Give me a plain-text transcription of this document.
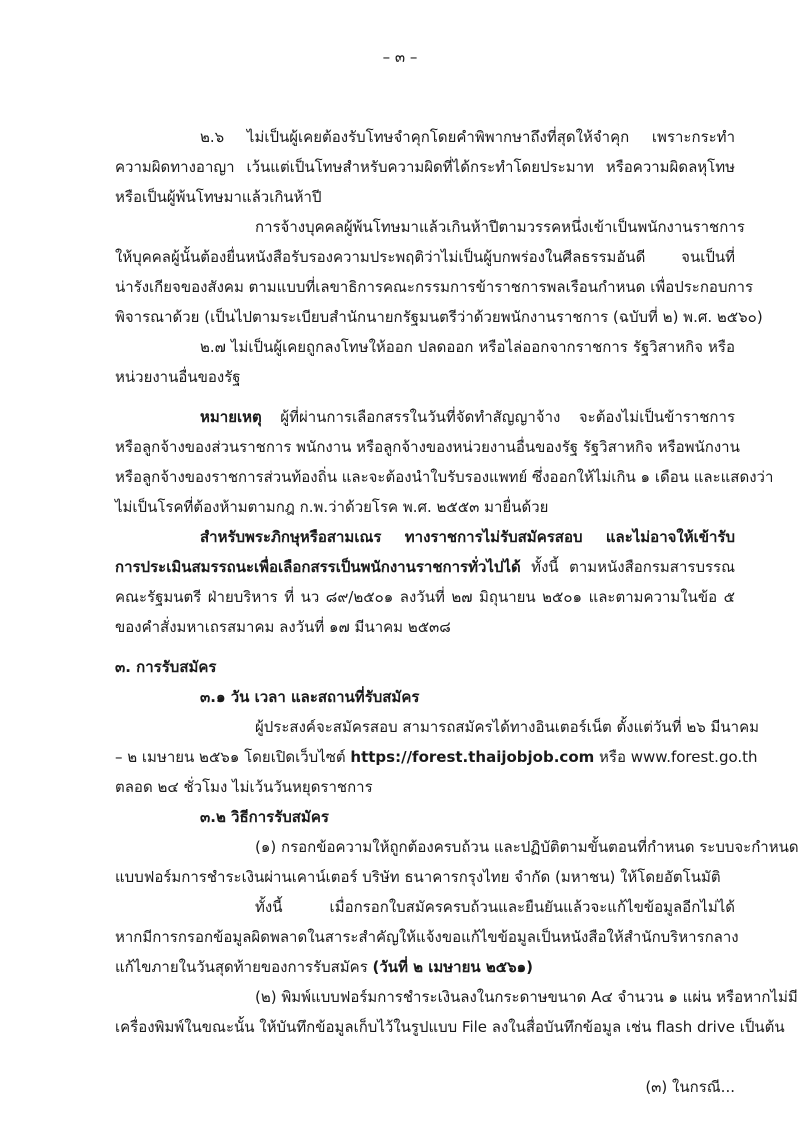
– ๓ –
๒.๖ ไม่เป็นผู้เคยต้องรับโทษจำคุกโดยคำพิพากษาถึงที่สุดให้จำคุก เพราะกระทำ
ความผิดทางอาญา เว้นแต่เป็นโทษสำหรับความผิดที่ได้กระทำโดยประมาท หรือความผิดลหุโทษ
หรือเป็นผู้พ้นโทษมาแล้วเกินห้าปี
การจ้างบุคคลผู้พ้นโทษมาแล้วเกินห้าปีตามวรรคหนึ่งเข้าเป็นพนักงานราชการ
ให้บุคคลผู้นั้นต้องยื่นหนังสือรับรองความประพฤติว่าไม่เป็นผู้บกพร่องในศีลธรรมอันดี จนเป็นที่
น่ารังเกียจของสังคม ตามแบบที่เลขาธิการคณะกรรมการข้าราชการพลเรือนกำหนด เพื่อประกอบการ
พิจารณาด้วย (เป็นไปตามระเบียบสำนักนายกรัฐมนตรีว่าด้วยพนักงานราชการ (ฉบับที่ ๒) พ.ศ. ๒๕๖๐)
๒.๗ ไม่เป็นผู้เคยถูกลงโทษให้ออก ปลดออก หรือไล่ออกจากราชการ รัฐวิสาหกิจ หรือ
หน่วยงานอื่นของรัฐ
หมายเหตุ ผู้ที่ผ่านการเลือกสรรในวันที่จัดทำสัญญาจ้าง จะต้องไม่เป็นข้าราชการ
หรือลูกจ้างของส่วนราชการ พนักงาน หรือลูกจ้างของหน่วยงานอื่นของรัฐ รัฐวิสาหกิจ หรือพนักงาน
หรือลูกจ้างของราชการส่วนท้องถิ่น และจะต้องนำใบรับรองแพทย์ ซึ่งออกให้ไม่เกิน ๑ เดือน และแสดงว่า
ไม่เป็นโรคที่ต้องห้ามตามกฎ ก.พ.ว่าด้วยโรค พ.ศ. ๒๕๕๓ มายื่นด้วย
สำหรับพระภิกษุหรือสามเณร ทางราชการไม่รับสมัครสอบ และไม่อาจให้เข้ารับ
การประเมินสมรรถนะเพื่อเลือกสรรเป็นพนักงานราชการทั่วไปได้ ทั้งนี้ ตามหนังสือกรมสารบรรณ
คณะรัฐมนตรี ฝ่ายบริหาร ที่ นว ๘๙/๒๕๐๑ ลงวันที่ ๒๗ มิถุนายน ๒๕๐๑ และตามความในข้อ ๕
ของคำสั่งมหาเถรสมาคม ลงวันที่ ๑๗ มีนาคม ๒๕๓๘
๓. การรับสมัคร
๓.๑ วัน เวลา และสถานที่รับสมัคร
ผู้ประสงค์จะสมัครสอบ สามารถสมัครได้ทางอินเตอร์เน็ต ตั้งแต่วันที่ ๒๖ มีนาคม
– ๒ เมษายน ๒๕๖๑ โดยเปิดเว็บไซต์ https://forest.thaijobjob.com หรือ www.forest.go.th
ตลอด ๒๔ ชั่วโมง ไม่เว้นวันหยุดราชการ
๓.๒ วิธีการรับสมัคร
(๑) กรอกข้อความให้ถูกต้องครบถ้วน และปฏิบัติตามขั้นตอนที่กำหนด ระบบจะกำหนด
แบบฟอร์มการชำระเงินผ่านเคาน์เตอร์ บริษัท ธนาคารกรุงไทย จำกัด (มหาชน) ให้โดยอัตโนมัติ
ทั้งนี้ เมื่อกรอกใบสมัครครบถ้วนและยืนยันแล้วจะแก้ไขข้อมูลอีกไม่ได้
หากมีการกรอกข้อมูลผิดพลาดในสาระสำคัญให้แจ้งขอแก้ไขข้อมูลเป็นหนังสือให้สำนักบริหารกลาง
แก้ไขภายในวันสุดท้ายของการรับสมัคร (วันที่ ๒ เมษายน ๒๕๖๑)
(๒) พิมพ์แบบฟอร์มการชำระเงินลงในกระดาษขนาด A๔ จำนวน ๑ แผ่น หรือหากไม่มี
เครื่องพิมพ์ในขณะนั้น ให้บันทึกข้อมูลเก็บไว้ในรูปแบบ File ลงในสื่อบันทึกข้อมูล เช่น flash drive เป็นต้น
(๓) ในกรณี...
